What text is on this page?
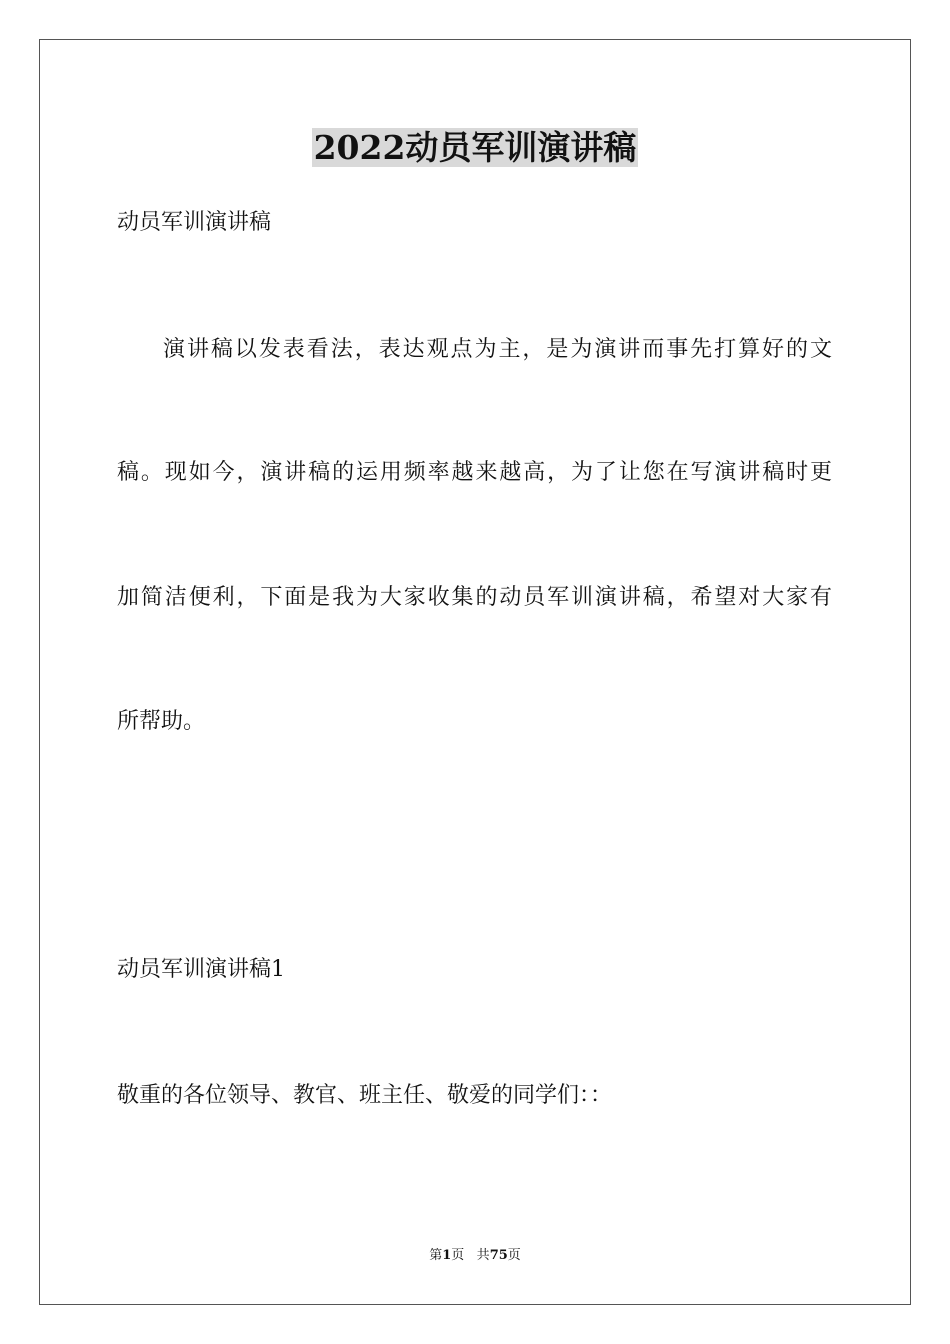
2022动员军训演讲稿
动员军训演讲稿
演讲稿以发表看法，表达观点为主，是为演讲而事先打算好的文
稿。现如今，演讲稿的运用频率越来越高，为了让您在写演讲稿时更
加简洁便利，下面是我为大家收集的动员军训演讲稿，希望对大家有
所帮助。
动员军训演讲稿1
敬重的各位领导、教官、班主任、敬爱的同学们：：
第1页 共75页
